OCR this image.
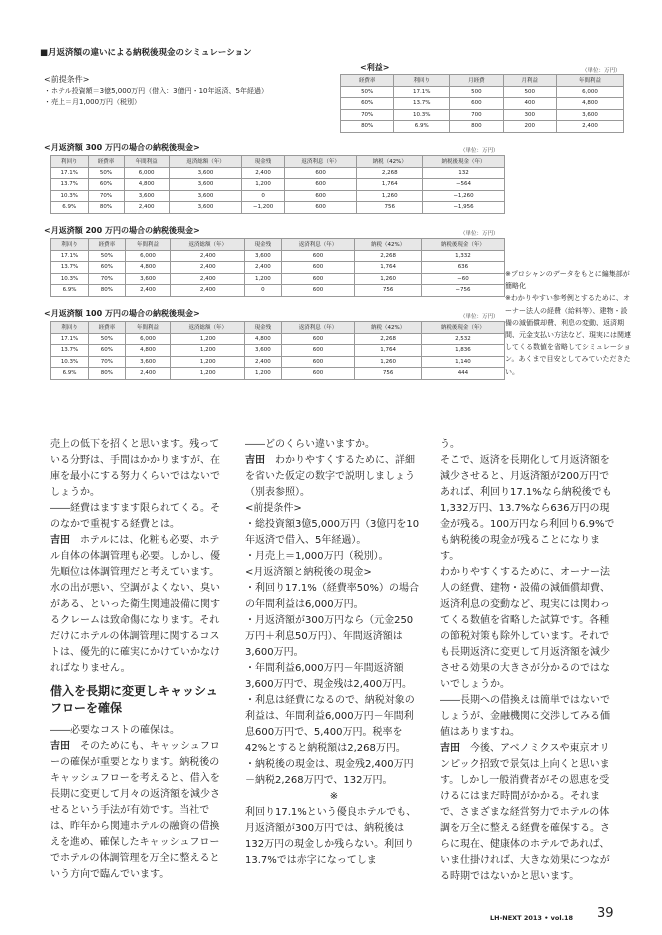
■月返済額の違いによる納税後現金のシミュレーション
<前提条件>
・ホテル投資額＝3億5,000万円（借入：3億円・10年返済、5年経過）
・売上＝月1,000万円（税別）
<利益>	（単位：万円）
経費率	利回り	月経費	月利益	年間利益
50%	17.1%	500	500	6,000
60%	13.7%	600	400	4,800
70%	10.3%	700	300	3,600
80%	6.9%	800	200	2,400
<月返済額 300 万円の場合の納税後現金>	（単位：万円）
利回り	経費率	年間利益	返済総額（年）	現金残	返済利息（年）	納税（42%）	納税後現金（年）
17.1%	50%	6,000	3,600	2,400	600	2,268	132
13.7%	60%	4,800	3,600	1,200	600	1,764	−564
10.3%	70%	3,600	3,600	0	600	1,260	−1,260
6.9%	80%	2,400	3,600	−1,200	600	756	−1,956
<月返済額 200 万円の場合の納税後現金>	（単位：万円）
利回り	経費率	年間利益	返済総額（年）	現金残	返済利息（年）	納税（42%）	納税後現金（年）
17.1%	50%	6,000	2,400	3,600	600	2,268	1,332
13.7%	60%	4,800	2,400	2,400	600	1,764	636
10.3%	70%	3,600	2,400	1,200	600	1,260	−60
6.9%	80%	2,400	2,400	0	600	756	−756
<月返済額 100 万円の場合の納税後現金>	（単位：万円）
利回り	経費率	年間利益	返済総額（年）	現金残	返済利息（年）	納税（42%）	納税後現金（年）
17.1%	50%	6,000	1,200	4,800	600	2,268	2,532
13.7%	60%	4,800	1,200	3,600	600	1,764	1,836
10.3%	70%	3,600	1,200	2,400	600	1,260	1,140
6.9%	80%	2,400	1,200	1,200	600	756	444
※プロシャンのデータをもとに編集部が簡略化
※わかりやすい参考例とするために、オーナー法人の経費（給料等）、建物・設備の減価償却費、利息の変動、返済期間、元金支払い方法など、現実には関連してくる数値を省略してシミュレーション。あくまで目安としてみていただきたい。

売上の低下を招くと思います。残っている分野は、手間はかかりますが、在庫を最小にする努力くらいではないでしょうか。

――経費はますます限られてくる。そのなかで重視する経費とは。

吉田　 ホテルには、化粧も必要、ホテル自体の体調管理も必要。しかし、優先順位は体調管理だと考えています。水の出が悪い、空調がよくない、臭いがある、といった衛生関連設備に関するクレームは致命傷になります。それだけにホテルの体調管理に関するコストは、優先的に確実にかけていかなければなりません。

借入を長期に変更しキャッシュフローを確保

――必要なコストの確保は。

吉田　 そのためにも、キャッシュフローの確保が重要となります。納税後のキャッシュフローを考えると、借入を長期に変更して月々の返済額を減少させるという手法が有効です。当社では、昨年から関連ホテルの融資の借換えを進め、確保したキャッシュフローでホテルの体調管理を万全に整えるという方向で臨んでいます。

――どのくらい違いますか。

吉田　 わかりやすくするために、詳細を省いた仮定の数字で説明しましょう（別表参照）。

<前提条件>

・総投資額3億5,000万円（3億円を10年返済で借入、5年経過）。

・月売上＝1,000万円（税別）。

<月返済額と納税後の現金>

・利回り17.1%（経費率50%）の場合の年間利益は6,000万円。

・月返済額が300万円なら（元金250万円＋利息50万円）、年間返済額は3,600万円。

・年間利益6,000万円－年間返済額3,600万円で、現金残は2,400万円。

・利息は経費になるので、納税対象の利益は、年間利益6,000万円－年間利息600万円で、5,400万円。税率を42%とすると納税額は2,268万円。

・納税後の現金は、現金残2,400万円－納税2,268万円で、132万円。

※

利回り17.1%という優良ホテルでも、月返済額が300万円では、納税後は132万円の現金しか残らない。利回り13.7%では赤字になってしま

う。

そこで、返済を長期化して月返済額を減少させると、月返済額が200万円であれば、利回り17.1%なら納税後でも1,332万円、13.7%なら636万円の現金が残る。100万円なら利回り6.9%でも納税後の現金が残ることになります。

わかりやすくするために、オーナー法人の経費、建物・設備の減価償却費、返済利息の変動など、現実には関わってくる数値を省略した試算です。各種の節税対策も除外しています。それでも長期返済に変更して月返済額を減少させる効果の大きさが分かるのではないでしょうか。

――長期への借換えは簡単ではないでしょうが、金融機関に交渉してみる価値はありますね。

吉田　 今後、アベノミクスや東京オリンピック招致で景気は上向くと思います。しかし一般消費者がその恩恵を受けるにはまだ時間がかかる。それまで、さまざまな経営努力でホテルの体調を万全に整える経費を確保する。さらに現在、健康体のホテルであれば、いま仕掛ければ、大きな効果につながる時期ではないかと思います。

LH-NEXT 2013 • vol.18 39
